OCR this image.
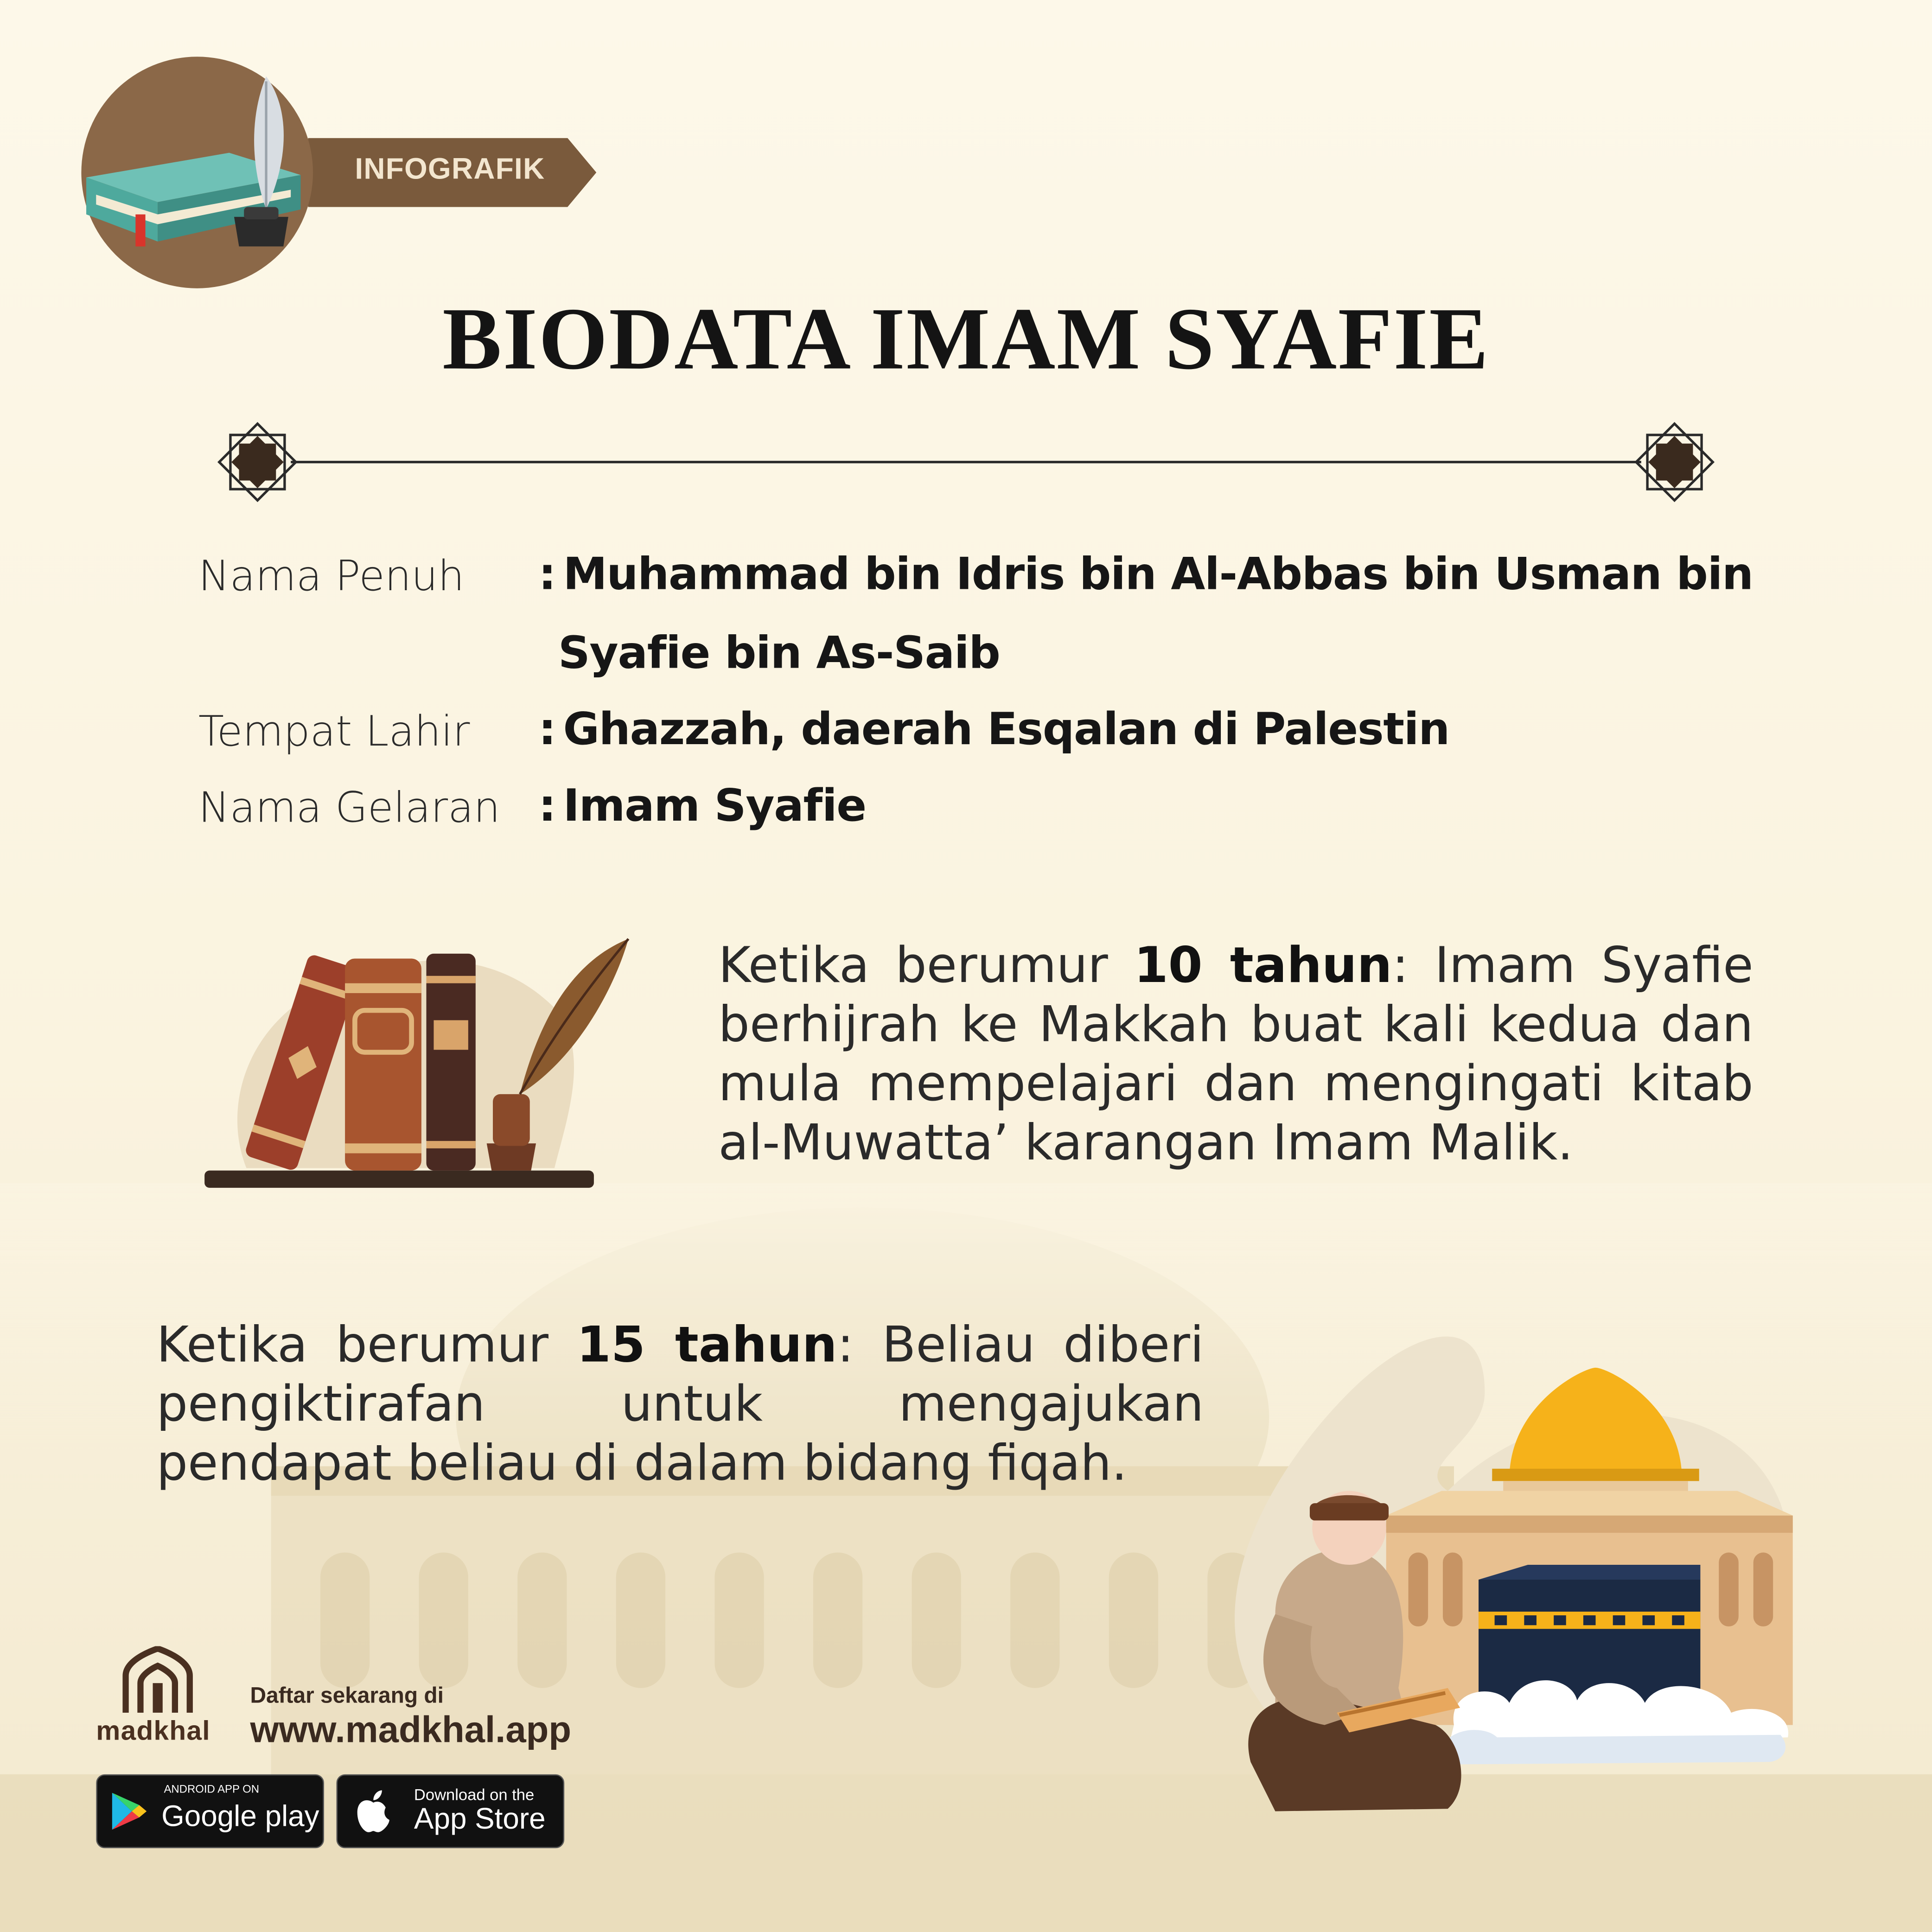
INFOGRAFIK
BIODATA IMAM SYAFIE
Nama Penuh	: Muhammad bin Idris bin Al-Abbas bin Usman bin
Syafie bin As-Saib
Tempat Lahir	: Ghazzah, daerah Esqalan di Palestin
Nama Gelaran : Imam Syafie
Ketika berumur 10 tahun: Imam Syafie berhijrah ke Makkah buat kali kedua dan mula mempelajari dan mengingati kitab al-Muwatta’ karangan Imam Malik.
Ketika berumur 15 tahun: Beliau diberi pengiktirafan untuk mengajukan pendapat beliau di dalam bidang fiqah.
madkhal
Daftar sekarang di
www.madkhal.app
ANDROID APP ON
Google play
Download on the
App Store
